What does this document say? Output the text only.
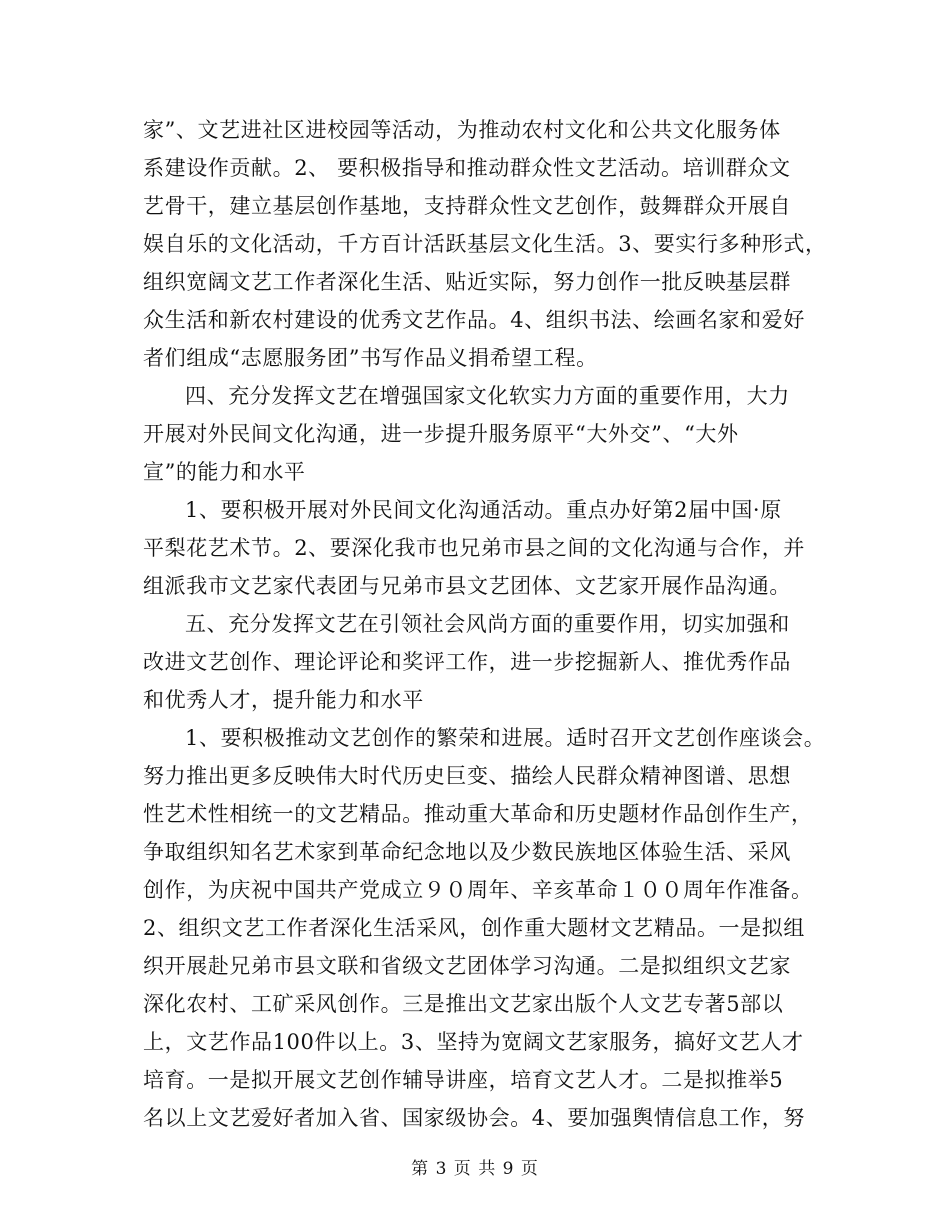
家”、文艺进社区进校园等活动，为推动农村文化和公共文化服务体
系建设作贡献。2、 要积极指导和推动群众性文艺活动。培训群众文
艺骨干，建立基层创作基地，支持群众性文艺创作，鼓舞群众开展自
娱自乐的文化活动，千方百计活跃基层文化生活。3、要实行多种形式，
组织宽阔文艺工作者深化生活、贴近实际，努力创作一批反映基层群
众生活和新农村建设的优秀文艺作品。4、组织书法、绘画名家和爱好
者们组成“志愿服务团”书写作品义捐希望工程。
四、充分发挥文艺在增强国家文化软实力方面的重要作用，大力
开展对外民间文化沟通，进一步提升服务原平“大外交”、“大外
宣”的能力和水平
1、要积极开展对外民间文化沟通活动。重点办好第2届中国·原
平梨花艺术节。2、要深化我市也兄弟市县之间的文化沟通与合作，并
组派我市文艺家代表团与兄弟市县文艺团体、文艺家开展作品沟通。
五、充分发挥文艺在引领社会风尚方面的重要作用，切实加强和
改进文艺创作、理论评论和奖评工作，进一步挖掘新人、推优秀作品
和优秀人才，提升能力和水平
1、要积极推动文艺创作的繁荣和进展。适时召开文艺创作座谈会。
努力推出更多反映伟大时代历史巨变、描绘人民群众精神图谱、思想
性艺术性相统一的文艺精品。推动重大革命和历史题材作品创作生产，
争取组织知名艺术家到革命纪念地以及少数民族地区体验生活、采风
创作，为庆祝中国共产党成立９０周年、辛亥革命１００周年作准备。
2、组织文艺工作者深化生活采风，创作重大题材文艺精品。一是拟组
织开展赴兄弟市县文联和省级文艺团体学习沟通。二是拟组织文艺家
深化农村、工矿采风创作。三是推出文艺家出版个人文艺专著5部以
上，文艺作品100件以上。3、坚持为宽阔文艺家服务，搞好文艺人才
培育。一是拟开展文艺创作辅导讲座，培育文艺人才。二是拟推举5
名以上文艺爱好者加入省、国家级协会。4、要加强舆情信息工作，努
第 3 页 共 9 页
